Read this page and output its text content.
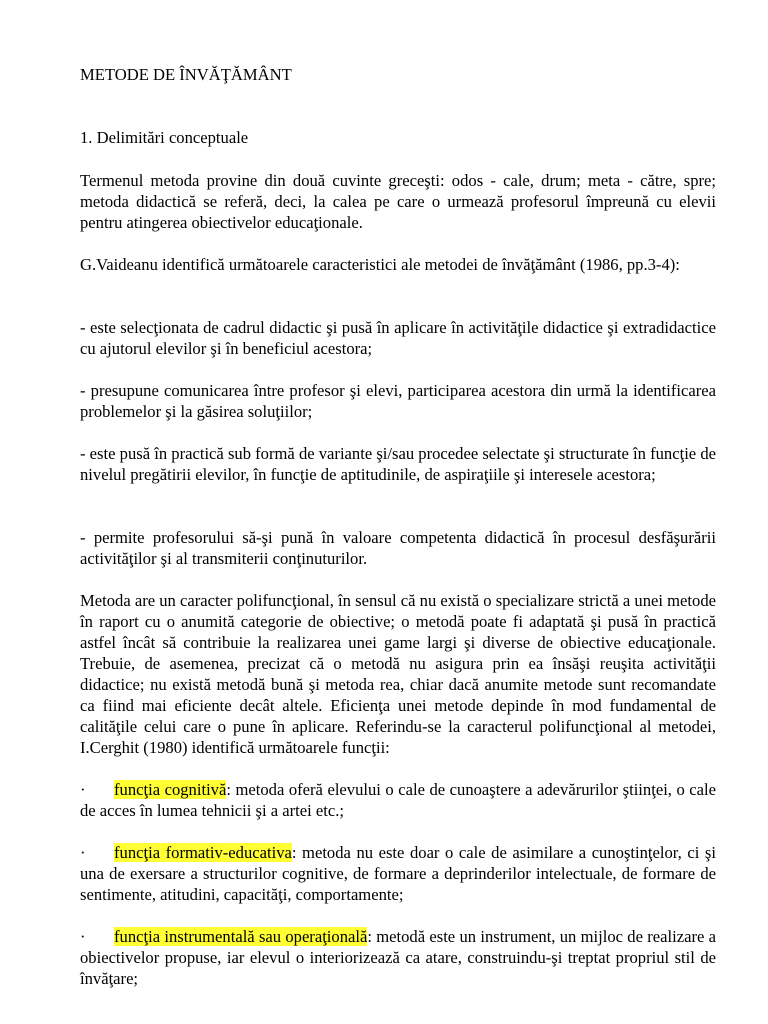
METODE DE ÎNVĂŢĂMÂNT

1. Delimitări conceptuale

Termenul metoda provine din două cuvinte greceşti: odos - cale, drum; meta - către, spre; metoda didactică se referă, deci, la calea pe care o urmează profesorul împreună cu elevii pentru atingerea obiectivelor educaţionale.

G.Vaideanu identifică următoarele caracteristici ale metodei de învăţământ (1986, pp.3-4):

- este selecţionata de cadrul didactic şi pusă în aplicare în activităţile didactice şi extradidactice cu ajutorul elevilor şi în beneficiul acestora;

- presupune comunicarea între profesor şi elevi, participarea acestora din urmă la identificarea problemelor şi la găsirea soluţiilor;

- este pusă în practică sub formă de variante şi/sau procedee selectate şi structurate în funcţie de nivelul pregătirii elevilor, în funcţie de aptitudinile, de aspiraţiile şi interesele acestora;

- permite profesorului să-şi pună în valoare competenta didactică în procesul desfăşurării activităţilor şi al transmiterii conţinuturilor.

Metoda are un caracter polifuncţional, în sensul că nu există o specializare strictă a unei metode în raport cu o anumită categorie de obiective; o metodă poate fi adaptată şi pusă în practică astfel încât să contribuie la realizarea unei game largi şi diverse de obiective educaţionale. Trebuie, de asemenea, precizat că o metodă nu asigura prin ea însăşi reuşita activităţii didactice; nu există metodă bună şi metoda rea, chiar dacă anumite metode sunt recomandate ca fiind mai eficiente decât altele. Eficienţa unei metode depinde în mod fundamental de calităţile celui care o pune în aplicare. Referindu-se la caracterul polifuncţional al metodei, I.Cerghit (1980) identifică următoarele funcţii:

· funcţia cognitivă: metoda oferă elevului o cale de cunoaştere a adevărurilor ştiinţei, o cale de acces în lumea tehnicii şi a artei etc.;

· funcţia formativ-educativa: metoda nu este doar o cale de asimilare a cunoştinţelor, ci şi una de exersare a structurilor cognitive, de formare a deprinderilor intelectuale, de formare de sentimente, atitudini, capacităţi, comportamente;

· funcţia instrumentală sau operaţională: metodă este un instrument, un mijloc de realizare a obiectivelor propuse, iar elevul o interiorizează ca atare, construindu-şi treptat propriul stil de învăţare;
